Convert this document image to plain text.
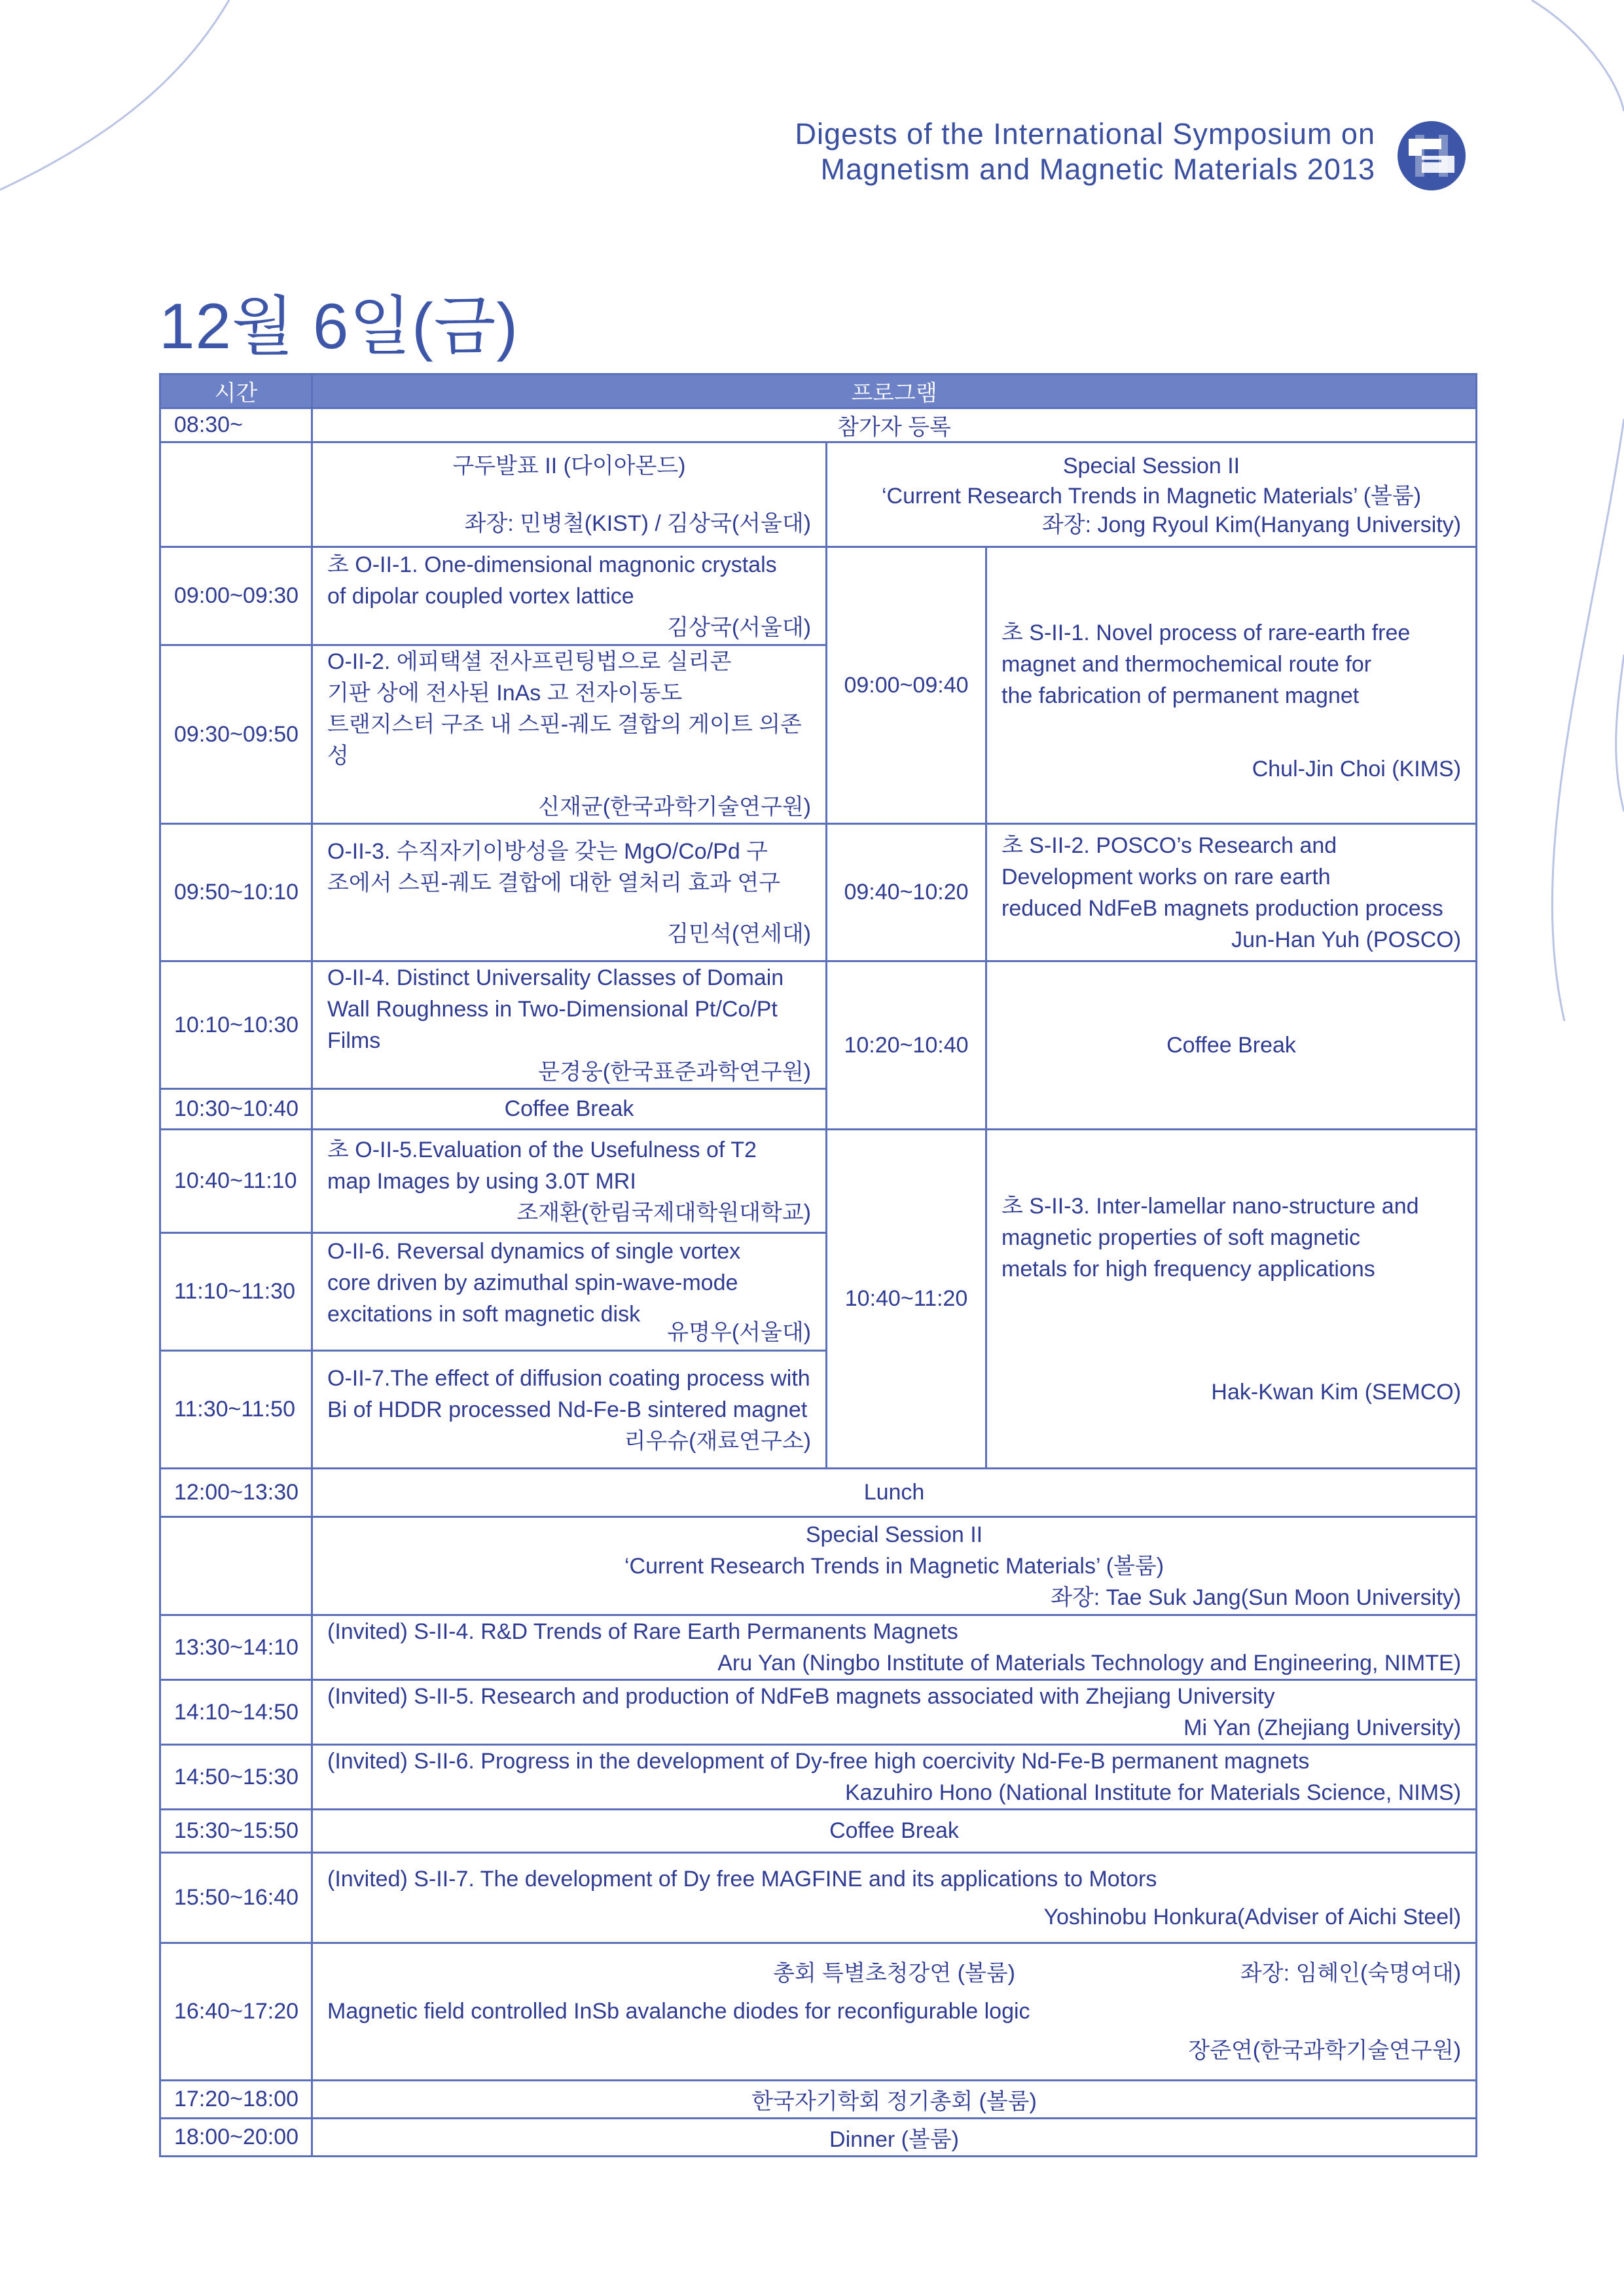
Digests of the International Symposium on
Magnetism and Magnetic Materials 2013
12월 6일(금)
시간	프로그램		
08:30~	참가자 등록		

	구두발표 II (다이아몬드)
좌장: 민병철(KIST) / 김상국(서울대)	Special Session II
‘Current Research Trends in Magnetic Materials’ (볼룸)
좌장: Jong Ryoul Kim(Hanyang University)	

09:00~09:30	초 O-II-1. One-dimensional magnonic crystals
of dipolar coupled vortex lattice
김상국(서울대)	09:00~09:40	초 S-II-1. Novel process of rare-earth free
magnet and thermochemical route for
the fabrication of permanent magnet
Chul-Jin Choi (KIMS)

09:30~09:50	O-II-2. 에피택셜 전사프린팅법으로 실리콘
기판 상에 전사된 InAs 고 전자이동도
트랜지스터 구조 내 스핀-궤도 결합의 게이트 의존성
신재균(한국과학기술연구원)		

09:50~10:10	O-II-3. 수직자기이방성을 갖는 MgO/Co/Pd 구
조에서 스핀-궤도 결합에 대한 열처리 효과 연구
김민석(연세대)	09:40~10:20	초 S-II-2. POSCO’s Research and
Development works on rare earth
reduced NdFeB magnets production process
Jun-Han Yuh (POSCO)

10:10~10:30	O-II-4. Distinct Universality Classes of Domain
Wall Roughness in Two-Dimensional Pt/Co/Pt Films
문경웅(한국표준과학연구원)	10:20~10:40	Coffee Break
10:30~10:40	Coffee Break		
10:40~11:10	초 O-II-5.Evaluation of the Usefulness of T2
map Images by using 3.0T MRI
조재환(한림국제대학원대학교)	10:40~11:20	초 S-II-3. Inter-lamellar nano-structure and
magnetic properties of soft magnetic
metals for high frequency applications
Hak-Kwan Kim (SEMCO)

11:10~11:30	O-II-6. Reversal dynamics of single vortex
core driven by azimuthal spin-wave-mode
excitations in soft magnetic disk
유명우(서울대)		

11:30~11:50	O-II-7.The effect of diffusion coating process with
Bi of HDDR processed Nd-Fe-B sintered magnet
리우슈(재료연구소)		

12:00~13:30	Lunch		

	Special Session II
‘Current Research Trends in Magnetic Materials’ (볼룸)
좌장: Tae Suk Jang(Sun Moon University)		

13:30~14:10	(Invited) S-II-4. R&D Trends of Rare Earth Permanents Magnets
Aru Yan (Ningbo Institute of Materials Technology and Engineering, NIMTE)		

14:10~14:50	(Invited) S-II-5. Research and production of NdFeB magnets associated with Zhejiang University
Mi Yan (Zhejiang University)		

14:50~15:30	(Invited) S-II-6. Progress in the development of Dy-free high coercivity Nd-Fe-B permanent magnets
Kazuhiro Hono (National Institute for Materials Science, NIMS)		

15:30~15:50	Coffee Break		
15:50~16:40	(Invited) S-II-7. The development of Dy free MAGFINE and its applications to Motors
Yoshinobu Honkura(Adviser of Aichi Steel)		

16:40~17:20	총회 특별초청강연 (볼룸) 좌장: 임혜인(숙명여대)
Magnetic field controlled InSb avalanche diodes for reconfigurable logic
장준연(한국과학기술연구원)		

17:20~18:00	한국자기학회 정기총회 (볼룸)		
18:00~20:00	Dinner (볼룸)		
